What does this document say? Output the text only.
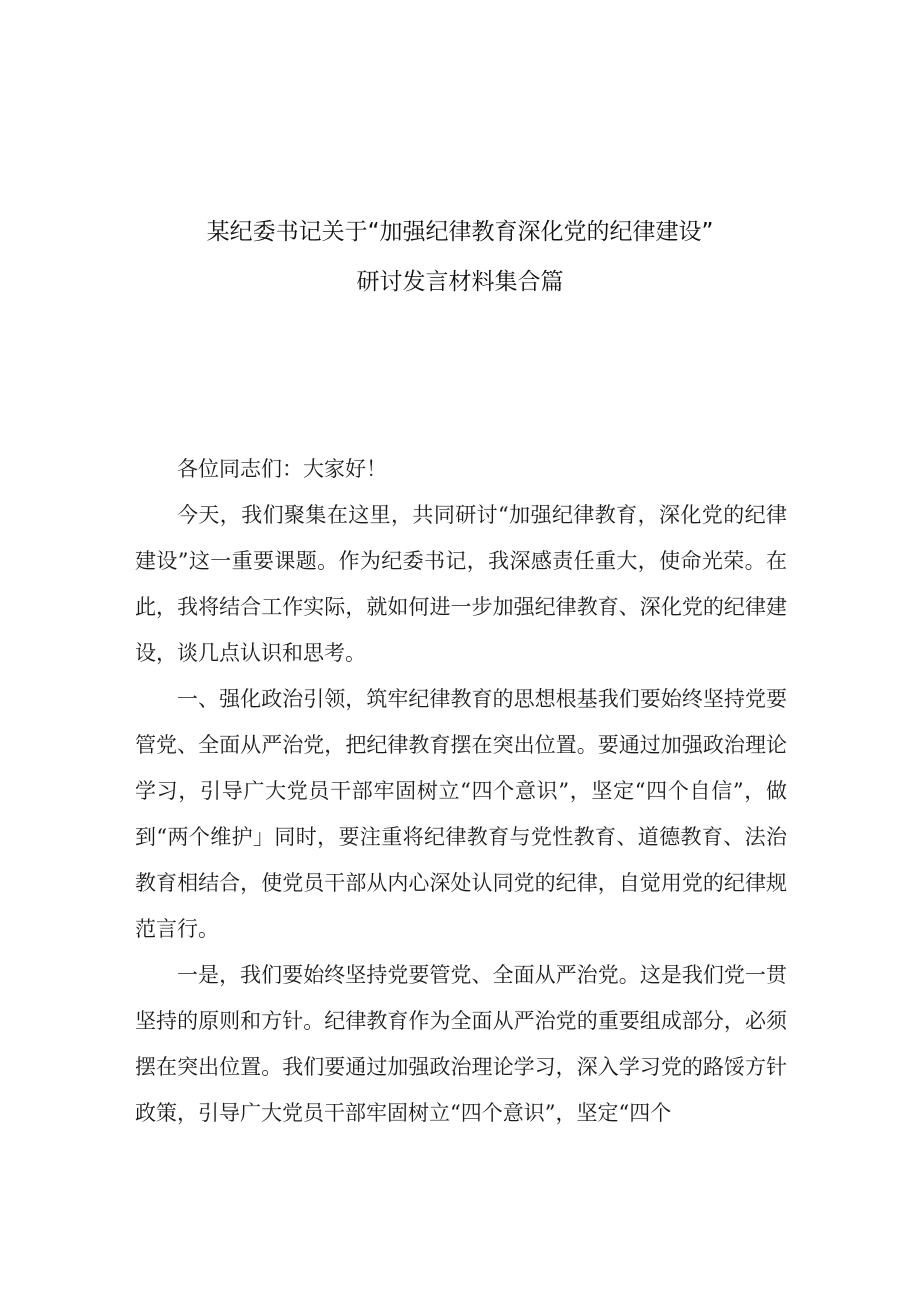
某纪委书记关于“加强纪律教育深化党的纪律建设”
研讨发言材料集合篇

各位同志们：大家好！

今天，我们聚集在这里，共同研讨“加强纪律教育，深化党的纪律建设”这一重要课题。作为纪委书记，我深感责任重大，使命光荣。在此，我将结合工作实际，就如何进一步加强纪律教育、深化党的纪律建设，谈几点认识和思考。

一、强化政治引领，筑牢纪律教育的思想根基我们要始终坚持党要管党、全面从严治党，把纪律教育摆在突出位置。要通过加强政治理论学习，引导广大党员干部牢固树立“四个意识”，坚定“四个自信”，做到“两个维护」同时，要注重将纪律教育与党性教育、道德教育、法治教育相结合，使党员干部从内心深处认同党的纪律，自觉用党的纪律规范言行。

一是，我们要始终坚持党要管党、全面从严治党。这是我们党一贯坚持的原则和方针。纪律教育作为全面从严治党的重要组成部分，必须摆在突出位置。我们要通过加强政治理论学习，深入学习党的路馁方针政策，引导广大党员干部牢固树立“四个意识”，坚定“四个
